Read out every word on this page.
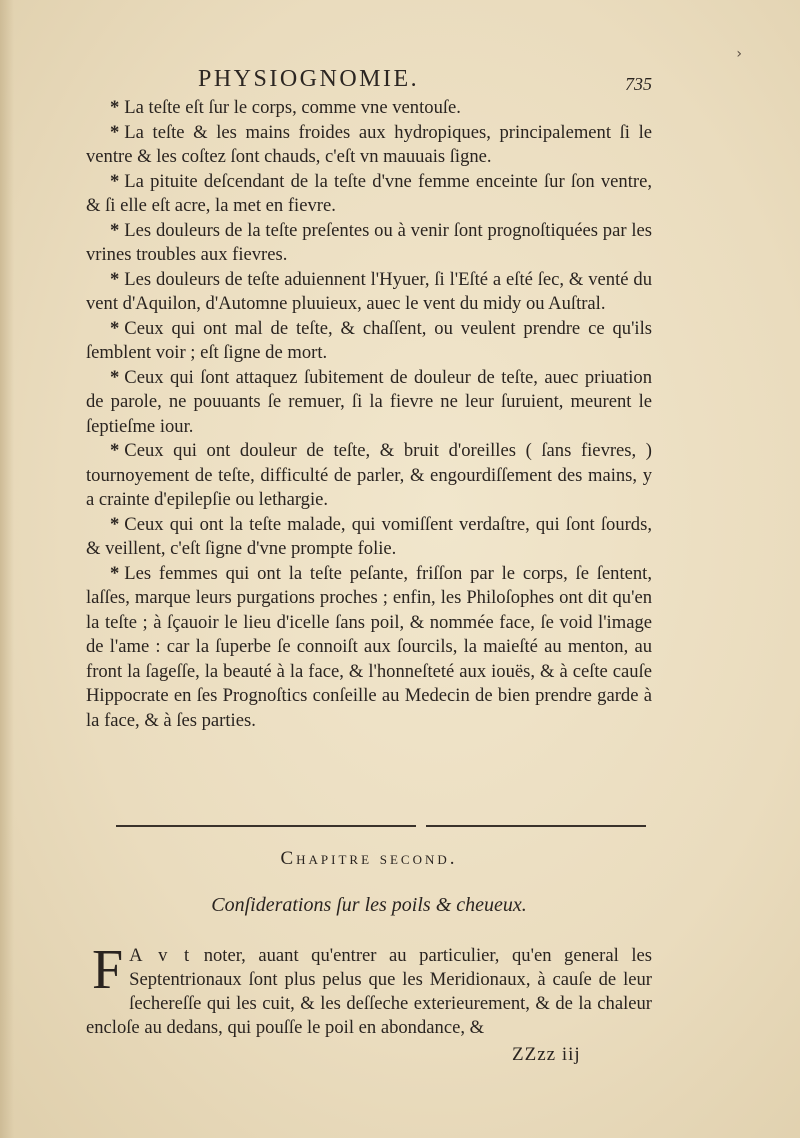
›
PHYSIOGNOMIE.	735

* La teſte eſt ſur le corps, comme vne ventouſe.

* La teſte & les mains froides aux hydropiques, principalement ſi le ventre & les coſtez ſont chauds, c'eſt vn mauuais ſigne.

* La pituite deſcendant de la teſte d'vne femme enceinte ſur ſon ventre, & ſi elle eſt acre, la met en fievre.

* Les douleurs de la teſte preſentes ou à venir ſont prognoſtiquées par les vrines troubles aux fievres.

* Les douleurs de teſte aduiennent l'Hyuer, ſi l'Eſté a eſté ſec, & venté du vent d'Aquilon, d'Automne pluuieux, auec le vent du midy ou Auſtral.

* Ceux qui ont mal de teſte, & chaſſent, ou veulent prendre ce qu'ils ſemblent voir ; eſt ſigne de mort.

* Ceux qui ſont attaquez ſubitement de douleur de teſte, auec priuation de parole, ne pouuants ſe remuer, ſi la fievre ne leur ſuruient, meurent le ſeptieſme iour.

* Ceux qui ont douleur de teſte, & bruit d'oreilles ( ſans fievres, ) tournoyement de teſte, difficulté de parler, & engourdiſſement des mains, y a crainte d'epilepſie ou lethargie.

* Ceux qui ont la teſte malade, qui vomiſſent verdaſtre, qui ſont ſourds, & veillent, c'eſt ſigne d'vne prompte folie.

* Les femmes qui ont la teſte peſante, friſſon par le corps, ſe ſentent, laſſes, marque leurs purgations proches ; enfin, les Philoſophes ont dit qu'en la teſte ; à ſçauoir le lieu d'icelle ſans poil, & nommée face, ſe void l'image de l'ame : car la ſuperbe ſe connoiſt aux ſourcils, la maieſté au menton, au front la ſageſſe, la beauté à la face, & l'honneſteté aux iouës, & à ceſte cauſe Hippocrate en ſes Prognoſtics conſeille au Medecin de bien prendre garde à la face, & à ſes parties.

Chapitre second.
Conſiderations ſur les poils & cheueux.
F A v t noter, auant qu'entrer au particulier, qu'en general les Septentrionaux ſont plus pelus que les Meridionaux, à cauſe de leur ſechereſſe qui les cuit, & les deſſeche exterieurement, & de la chaleur encloſe au dedans, qui pouſſe le poil en abondance, &
ZZzz iij
